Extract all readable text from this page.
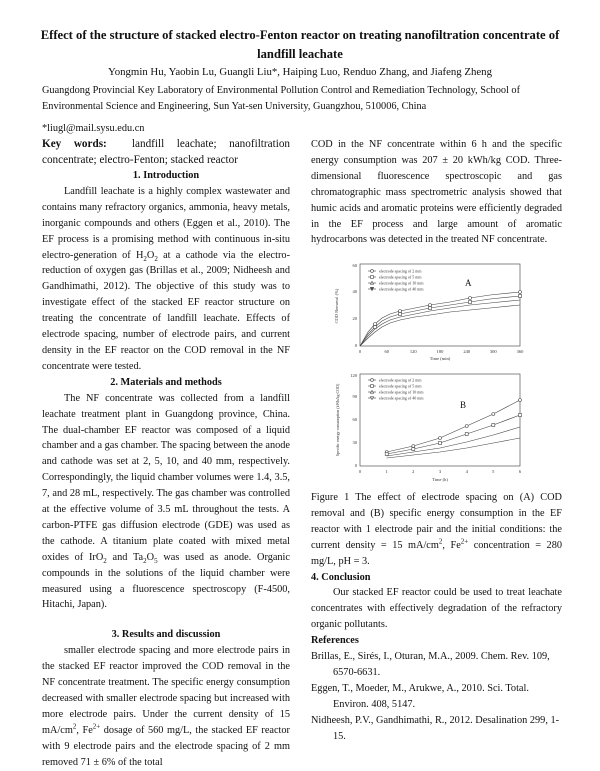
Effect of the structure of stacked electro-Fenton reactor on treating nanofiltration concentrate of
landfill leachate
Yongmin Hu, Yaobin Lu, Guangli Liu*, Haiping Luo, Renduo Zhang, and Jiafeng Zheng
Guangdong Provincial Key Laboratory of Environmental Pollution Control and Remediation Technology, School of Environmental Science and Engineering, Sun Yat-sen University, Guangzhou, 510006, China
*liugl@mail.sysu.edu.cn

Key words: landfill leachate; nanofiltration concentrate; electro-Fenton; stacked reactor

1. Introduction

Landfill leachate is a highly complex wastewater and contains many refractory organics, ammonia, heavy metals, inorganic compounds and others (Eggen et al., 2010). The EF process is a promising method with continuous in-situ electro-generation of $H_2O_2$ at a cathode via the electro-reduction of oxygen gas (Brillas et al., 2009; Nidheesh and Gandhimathi, 2012). The objective of this study was to investigate effect of the stacked EF reactor structure on treating the concentrate of landfill leachate. Effects of electrode spacing, number of electrode pairs, and current density in the EF reactor on the COD removal in the NF concentrate were tested.

2. Materials and methods

The NF concentrate was collected from a landfill leachate treatment plant in Guangdong province, China. The dual-chamber EF reactor was composed of a liquid chamber and a gas chamber. The spacing between the anode and cathode was set at 2, 5, 10, and 40 mm, respectively. Correspondingly, the liquid chamber volumes were 1.4, 3.5, 7, and 28 mL, respectively. The gas chamber was controlled at the effective volume of 3.5 mL throughout the tests. A carbon-PTFE gas diffusion electrode (GDE) was used as the cathode. A titanium plate coated with mixed metal oxides of IrO$_2$ and $Ta_2O_5$ was used as anode. Organic compounds in the solutions of the liquid chamber were measured using a fluorescence spectroscopy (F-4500, Hitachi, Japan).

3. Results and discussion

smaller electrode spacing and more electrode pairs in the stacked EF reactor improved the COD removal in the NF concentrate treatment. The specific energy consumption decreased with smaller electrode spacing but increased with more electrode pairs. Under the current density of 15 $mA/cm^2$, $Fe^{2+}$ dosage of 560 mg/L, the stacked EF reactor with 9 electrode pairs and the electrode spacing of 2 mm removed 71 ± 6% of the total

COD in the NF concentrate within 6 h and the specific energy consumption was 207 ± 20 kWh/kg COD. Three-dimensional fluorescence spectroscopic and gas chromatographic mass spectrometric analysis showed that humic acids and aromatic proteins were efficiently degraded in the EF process and large amount of aromatic hydrocarbons was detected in the treated NF concentrate.

COD Removal (%)
0
20
40
60
0	60	120	180	240	300	360
Time (min)
A
electrode spacing of 2 mm
electrode spacing of 5 mm
electrode spacing of 10 mm
electrode spacing of 40 mm
Specific energy consumption (kWh/kg COD)
0
30
60
90
120
0	1	2	3	4	5	6
Time (h)
B
electrode spacing of 2 mm
electrode spacing of 5 mm
electrode spacing of 10 mm
electrode spacing of 40 mm

Figure 1 The effect of electrode spacing on (A) COD removal and (B) specific energy consumption in the EF reactor with 1 electrode pair and the initial conditions: the current density = 15 $mA/cm^2$, $Fe^{2+}$ concentration = 280 mg/L, pH = 3.

4. Conclusion

Our stacked EF reactor could be used to treat leachate concentrates with effectively degradation of the refractory organic pollutants.

References

Brillas, E., Sirés, I., Oturan, M.A., 2009. Chem. Rev. 109, 6570-6631.

Eggen, T., Moeder, M., Arukwe, A., 2010. Sci. Total. Environ. 408, 5147.

Nidheesh, P.V., Gandhimathi, R., 2012. Desalination 299, 1-15.
